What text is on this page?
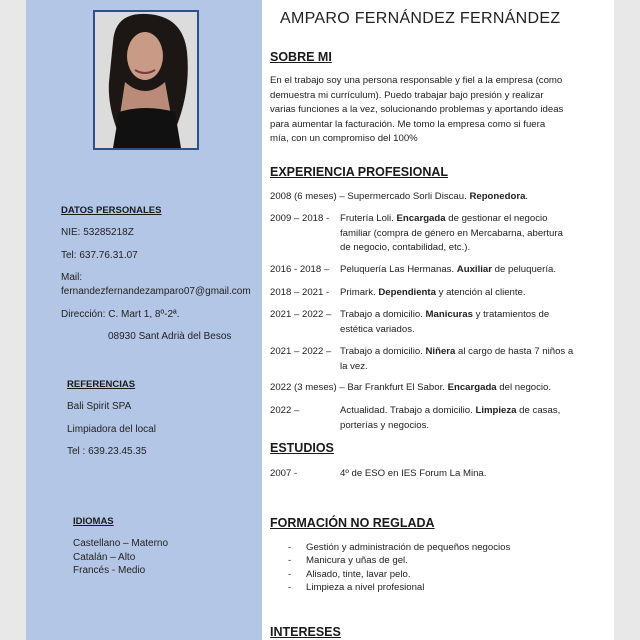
DATOS PERSONALES
NIE: 53285218Z
Tel: 637.76.31.07
Mail:
fernandezfernandezamparo07@gmail.com
Dirección: C. Mart 1, 8º-2ª.
08930 Sant Adrià del Besos
REFERENCIAS
Bali Spirit SPA
Limpiadora del local
Tel : 639.23.45.35
IDIOMAS
Castellano – Materno
Catalán – Alto
Francés - Medio
AMPARO FERNÁNDEZ FERNÁNDEZ
SOBRE MI
En el trabajo soy una persona responsable y fiel a la empresa (como
demuestra mi currículum). Puedo trabajar bajo presión y realizar
varias funciones a la vez, solucionando problemas y aportando ideas
para aumentar la facturación. Me tomo la empresa como si fuera
mía, con un compromiso del 100%
EXPERIENCIA PROFESIONAL
2008 (6 meses) – Supermercado Sorli Discau. Reponedora.
2009 – 2018 - Frutería Loli. Encargada de gestionar el negocio
familiar (compra de género en Mercabarna, abertura
de negocio, contabilidad, etc.).
2016 - 2018 – Peluquería Las Hermanas. Auxiliar de peluquería.
2018 – 2021 - Primark. Dependienta y atención al cliente.
2021 – 2022 – Trabajo a domicilio. Manicuras y tratamientos de
estética variados.
2021 – 2022 – Trabajo a domicilio. Niñera al cargo de hasta 7 niños a
la vez.
2022 (3 meses) – Bar Frankfurt El Sabor. Encargada del negocio.
2022 –	Actualidad. Trabajo a domicilio. Limpieza de casas,
porterías y negocios.
ESTUDIOS
2007 -	4º de ESO en IES Forum La Mina.
FORMACIÓN NO REGLADA
- Gestión y administración de pequeños negocios
- Manicura y uñas de gel.
- Alisado, tinte, lavar pelo.
- Limpieza a nivel profesional
INTERESES
